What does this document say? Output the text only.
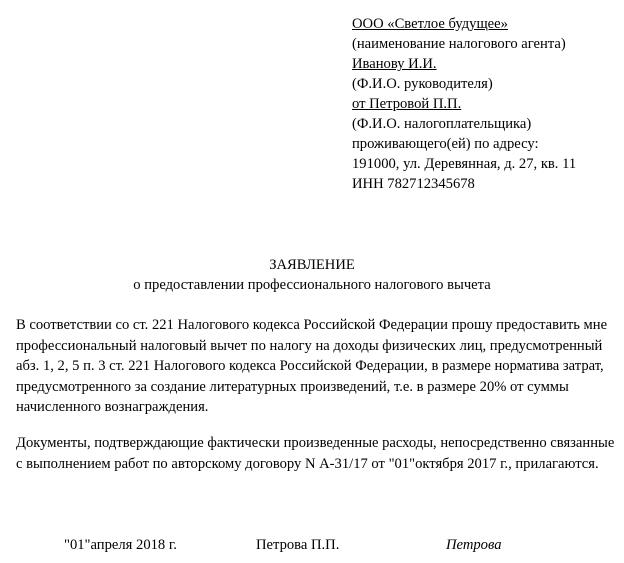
ООО «Светлое будущее»
(наименование налогового агента)
Иванову И.И.
(Ф.И.О. руководителя)
от Петровой П.П.
(Ф.И.О. налогоплательщика)
проживающего(ей) по адресу:
191000, ул. Деревянная, д. 27, кв. 11
ИНН 782712345678
ЗАЯВЛЕНИЕ
о предоставлении профессионального налогового вычета
В соответствии со ст. 221 Налогового кодекса Российской Федерации прошу предоставить мне
профессиональный налоговый вычет по налогу на доходы физических лиц, предусмотренный
абз. 1, 2, 5 п. 3 ст. 221 Налогового кодекса Российской Федерации, в размере норматива затрат,
предусмотренного за создание литературных произведений, т.е. в размере 20% от суммы
начисленного вознаграждения.
Документы, подтверждающие фактически произведенные расходы, непосредственно связанные
с выполнением работ по авторскому договору N А-31/17 от "01"октября 2017 г., прилагаются.
"01"апреля 2018 г.	Петрова П.П.	Петрова
